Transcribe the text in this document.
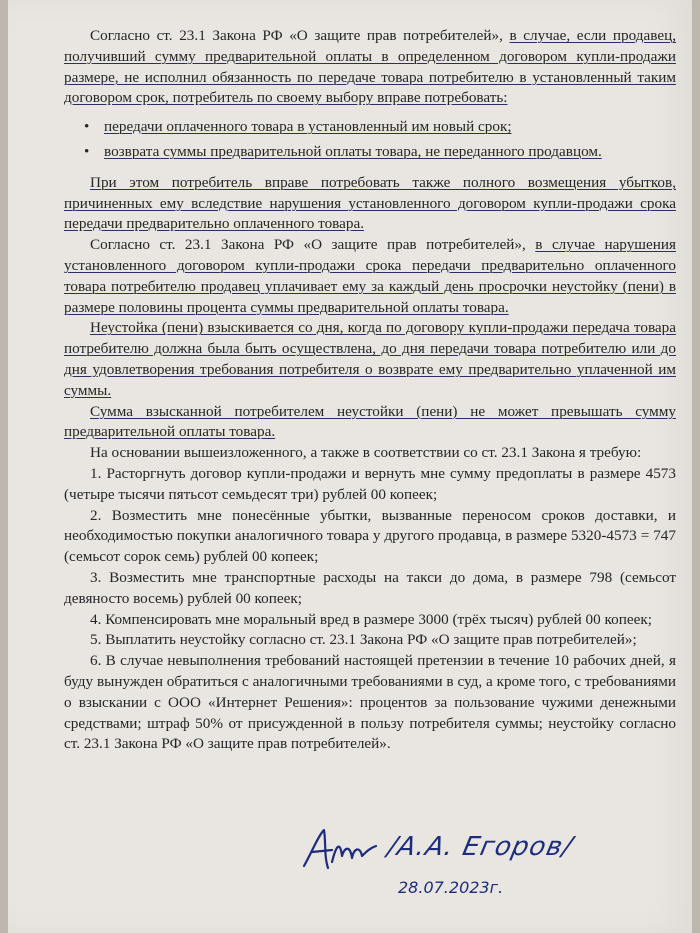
Согласно ст. 23.1 Закона РФ «О защите прав потребителей», в случае, если продавец, получивший сумму предварительной оплаты в определенном договором купли-продажи размере, не исполнил обязанность по передаче товара потребителю в установленный таким договором срок, потребитель по своему выбору вправе потребовать:

• передачи оплаченного товара в установленный им новый срок;
• возврата суммы предварительной оплаты товара, не переданного продавцом.

При этом потребитель вправе потребовать также полного возмещения убытков, причиненных ему вследствие нарушения установленного договором купли-продажи срока передачи предварительно оплаченного товара.

Согласно ст. 23.1 Закона РФ «О защите прав потребителей», в случае нарушения установленного договором купли-продажи срока передачи предварительно оплаченного товара потребителю продавец уплачивает ему за каждый день просрочки неустойку (пени) в размере половины процента суммы предварительной оплаты товара.

Неустойка (пени) взыскивается со дня, когда по договору купли-продажи передача товара потребителю должна была быть осуществлена, до дня передачи товара потребителю или до дня удовлетворения требования потребителя о возврате ему предварительно уплаченной им суммы.

Сумма взысканной потребителем неустойки (пени) не может превышать сумму предварительной оплаты товара.

На основании вышеизложенного, а также в соответствии со ст. 23.1 Закона я требую:

1. Расторгнуть договор купли-продажи и вернуть мне сумму предоплаты в размере 4573 (четыре тысячи пятьсот семьдесят три) рублей 00 копеек;

2. Возместить мне понесённые убытки, вызванные переносом сроков доставки, и необходимостью покупки аналогичного товара у другого продавца, в размере 5320-4573 = 747 (семьсот сорок семь) рублей 00 копеек;

3. Возместить мне транспортные расходы на такси до дома, в размере 798 (семьсот девяносто восемь) рублей 00 копеек;

4. Компенсировать мне моральный вред в размере 3000 (трёх тысяч) рублей 00 копеек;

5. Выплатить неустойку согласно ст. 23.1 Закона РФ «О защите прав потребителей»;

6. В случае невыполнения требований настоящей претензии в течение 10 рабочих дней, я буду вынужден обратиться с аналогичными требованиями в суд, а кроме того, с требованиями о взыскании с ООО «Интернет Решения»: процентов за пользование чужими денежными средствами; штраф 50% от присужденной в пользу потребителя суммы; неустойку согласно ст. 23.1 Закона РФ «О защите прав потребителей».

/А.А. Егоров/
28.07.2023г.
